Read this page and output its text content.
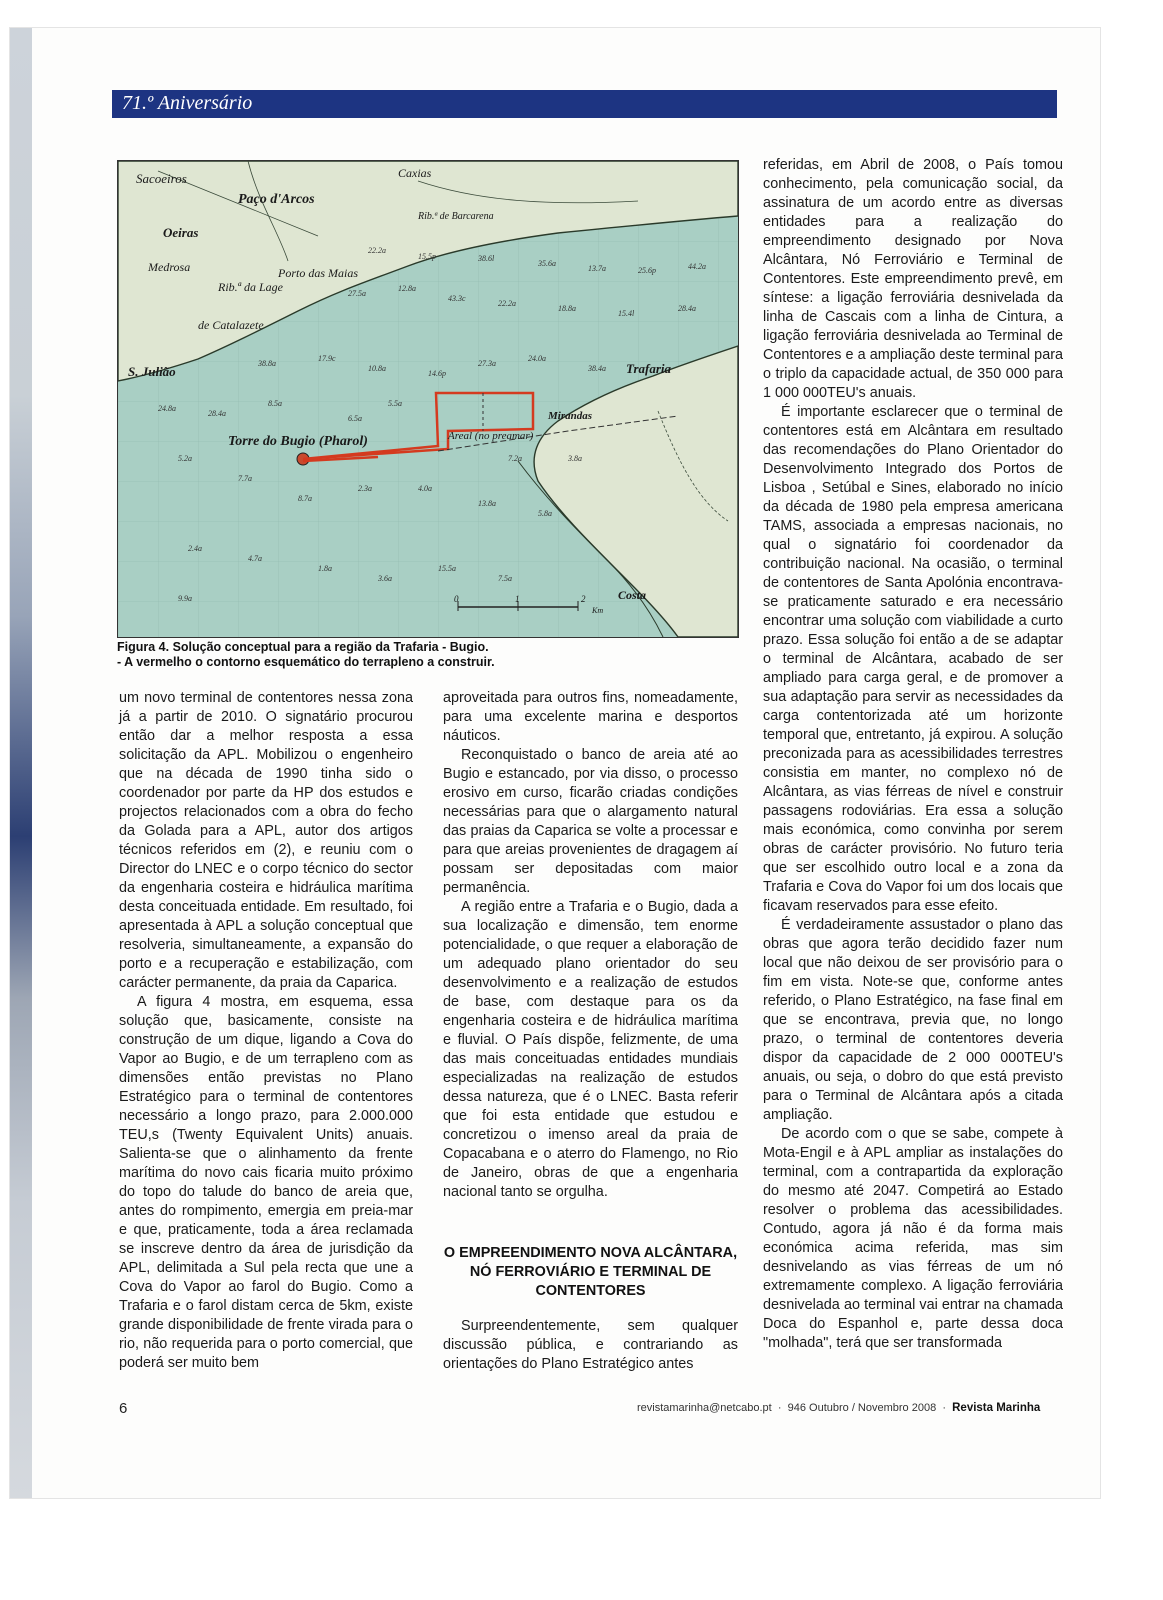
71.º Aniversário
22.2a
15.5p	38.6l
35.6a
13.7a	25.6p	44.2a
27.5a
12.8a
43.3c
22.2a
18.8a
15.4l
28.4a
38.8a
17.9c
10.8a
14.6p
27.3a
24.0a
38.4a
24.8a
28.4a
8.5a
6.5a
5.5a
7.2a	3.8a
5.2a
7.7a
8.7a
2.3a	4.0a
13.8a
5.8a
2.4a
4.7a
1.8a
3.6a
15.5a
7.5a
9.9a
Sacoeiros
Paço d'Arcos
Caxias
Oeiras
Rib.ª da Lage
Medrosa
Rib.ª de Barcarena
Porto das Maias
de Catalazete
S. Julião
Torre do Bugio (Pharol)	Areal (no preamar)
Trafaria
Mirandas
Costa
0	1	2
Km
Figura 4. Solução conceptual para a região da Trafaria - Bugio.
- A vermelho o contorno esquemático do terrapleno a construir.

um novo terminal de contentores nessa zona já a partir de 2010. O signatário procurou então dar a melhor resposta a essa solicitação da APL. Mobilizou o engenheiro que na década de 1990 tinha sido o coordenador por parte da HP dos estudos e projectos relacionados com a obra do fecho da Golada para a APL, autor dos artigos técnicos referidos em (2), e reuniu com o Director do LNEC e o corpo técnico do sector da engenharia costeira e hidráulica marítima desta conceituada entidade. Em resultado, foi apresentada à APL a solução conceptual que resolveria, simultaneamente, a expansão do porto e a recuperação e estabilização, com carácter permanente, da praia da Caparica.

A figura 4 mostra, em esquema, essa solução que, basicamente, consiste na construção de um dique, ligando a Cova do Vapor ao Bugio, e de um terrapleno com as dimensões então previstas no Plano Estratégico para o terminal de contentores necessário a longo prazo, para 2.000.000 TEU,s (Twenty Equivalent Units) anuais. Salienta-se que o alinhamento da frente marítima do novo cais ficaria muito próximo do topo do talude do banco de areia que, antes do rompimento, emergia em preia-mar e que, praticamente, toda a área reclamada se inscreve dentro da área de jurisdição da APL, delimitada a Sul pela recta que une a Cova do Vapor ao farol do Bugio. Como a Trafaria e o farol distam cerca de 5km, existe grande disponibilidade de frente virada para o rio, não requerida para o porto comercial, que poderá ser muito bem

aproveitada para outros fins, nomeadamente, para uma excelente marina e desportos náuticos.

Reconquistado o banco de areia até ao Bugio e estancado, por via disso, o processo erosivo em curso, ficarão criadas condições necessárias para que o alargamento natural das praias da Caparica se volte a processar e para que areias provenientes de dragagem aí possam ser depositadas com maior permanência.

A região entre a Trafaria e o Bugio, dada a sua localização e dimensão, tem enorme potencialidade, o que requer a elaboração de um adequado plano orientador do seu desenvolvimento e a realização de estudos de base, com destaque para os da engenharia costeira e de hidráulica marítima e fluvial. O País dispõe, felizmente, de uma das mais conceituadas entidades mundiais especializadas na realização de estudos dessa natureza, que é o LNEC. Basta referir que foi esta entidade que estudou e concretizou o imenso areal da praia de Copacabana e o aterro do Flamengo, no Rio de Janeiro, obras de que a engenharia nacional tanto se orgulha.

O EMPREENDIMENTO NOVA ALCÂNTARA, NÓ FERROVIÁRIO E TERMINAL DE CONTENTORES

Surpreendentemente, sem qualquer discussão pública, e contrariando as orientações do Plano Estratégico antes

referidas, em Abril de 2008, o País tomou conhecimento, pela comunicação social, da assinatura de um acordo entre as diversas entidades para a realização do empreendimento designado por Nova Alcântara, Nó Ferroviário e Terminal de Contentores. Este empreendimento prevê, em síntese: a ligação ferroviária desnivelada da linha de Cascais com a linha de Cintura, a ligação ferroviária desnivelada ao Terminal de Contentores e a ampliação deste terminal para o triplo da capacidade actual, de 350 000 para 1 000 000TEU's anuais.

É importante esclarecer que o terminal de contentores está em Alcântara em resultado das recomendações do Plano Orientador do Desenvolvimento Integrado dos Portos de Lisboa , Setúbal e Sines, elaborado no início da década de 1980 pela empresa americana TAMS, associada a empresas nacionais, no qual o signatário foi coordenador da contribuição nacional. Na ocasião, o terminal de contentores de Santa Apolónia encontrava-se praticamente saturado e era necessário encontrar uma solução com viabilidade a curto prazo. Essa solução foi então a de se adaptar o terminal de Alcântara, acabado de ser ampliado para carga geral, e de promover a sua adaptação para servir as necessidades da carga contentorizada até um horizonte temporal que, entretanto, já expirou. A solução preconizada para as acessibilidades terrestres consistia em manter, no complexo nó de Alcântara, as vias férreas de nível e construir passagens rodoviárias. Era essa a solução mais económica, como convinha por serem obras de carácter provisório. No futuro teria que ser escolhido outro local e a zona da Trafaria e Cova do Vapor foi um dos locais que ficavam reservados para esse efeito.

É verdadeiramente assustador o plano das obras que agora terão decidido fazer num local que não deixou de ser provisório para o fim em vista. Note-se que, conforme antes referido, o Plano Estratégico, na fase final em que se encontrava, previa que, no longo prazo, o terminal de contentores deveria dispor da capacidade de 2 000 000TEU's anuais, ou seja, o dobro do que está previsto para o Terminal de Alcântara após a citada ampliação.

De acordo com o que se sabe, compete à Mota-Engil e à APL ampliar as instalações do terminal, com a contrapartida da exploração do mesmo até 2047. Competirá ao Estado resolver o problema das acessibilidades. Contudo, agora já não é da forma mais económica acima referida, mas sim desnivelando as vias férreas de um nó extremamente complexo. A ligação ferroviária desnivelada ao terminal vai entrar na chamada Doca do Espanhol e, parte dessa doca "molhada", terá que ser transformada

6	revistamarinha@netcabo.pt · 946 Outubro / Novembro 2008 · Revista Marinha
